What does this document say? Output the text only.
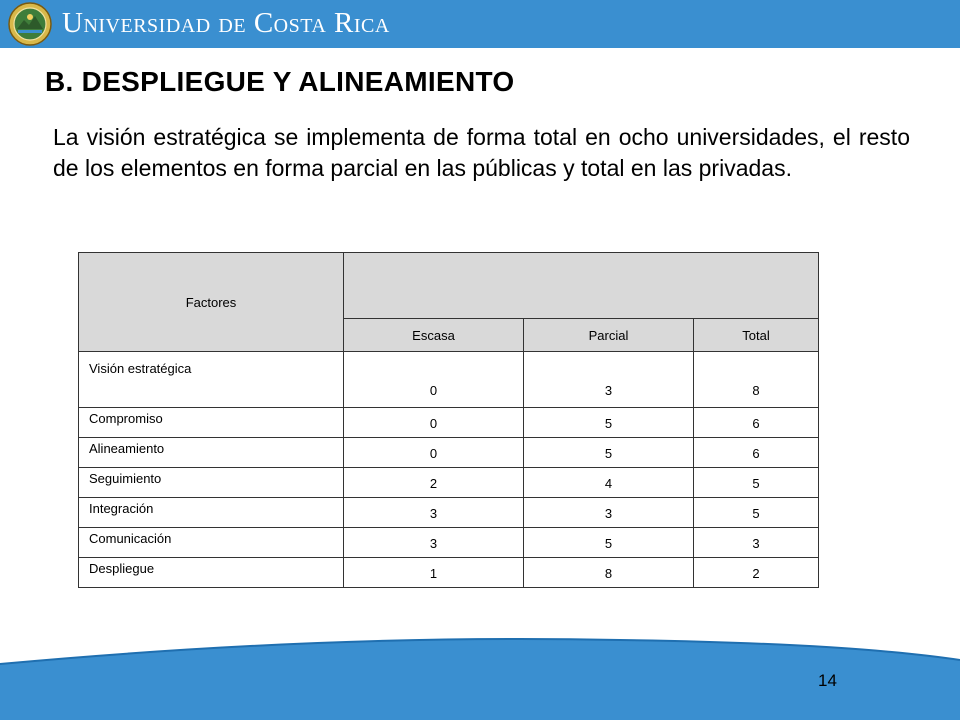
Universidad de Costa Rica
B. DESPLIEGUE Y ALINEAMIENTO

La visión estratégica se implementa de forma total en ocho universidades, el resto de los elementos en forma parcial en las públicas y total en las privadas.

Factores			
	Escasa	Parcial	Total
Visión estratégica	0	3	8
Compromiso	0	5	6
Alineamiento	0	5	6
Seguimiento	2	4	5
Integración	3	3	5
Comunicación	3	5	3
Despliegue	1	8	2
14
